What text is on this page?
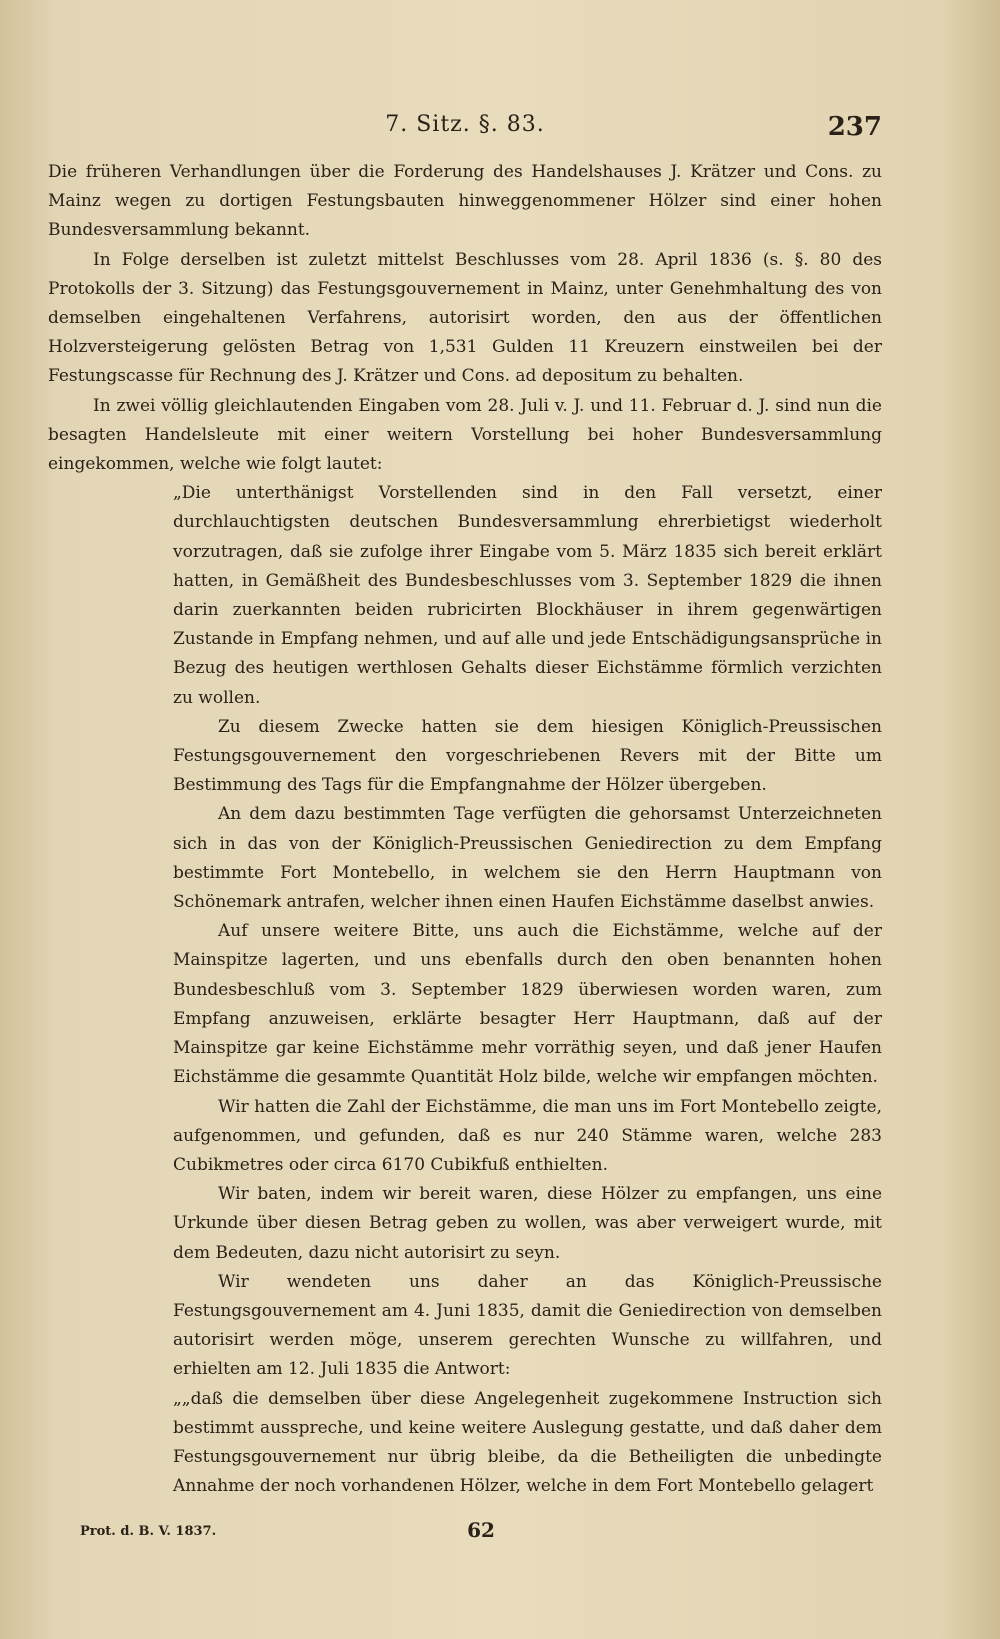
7. Sitz. §. 83.	237

Die früheren Verhandlungen über die Forderung des Handelshauses J. Krätzer und Cons. zu Mainz wegen zu dortigen Festungsbauten hinweggenommener Hölzer sind einer hohen Bundesversammlung bekannt.

In Folge derselben ist zuletzt mittelst Beschlusses vom 28. April 1836 (s. §. 80 des Protokolls der 3. Sitzung) das Festungsgouvernement in Mainz, unter Genehmhaltung des von demselben eingehaltenen Verfahrens, autorisirt worden, den aus der öffentlichen Holzversteigerung gelösten Betrag von 1,531 Gulden 11 Kreuzern einstweilen bei der Festungscasse für Rechnung des J. Krätzer und Cons. ad depositum zu behalten.

In zwei völlig gleichlautenden Eingaben vom 28. Juli v. J. und 11. Februar d. J. sind nun die besagten Handelsleute mit einer weitern Vorstellung bei hoher Bundesversammlung eingekommen, welche wie folgt lautet:

„Die unterthänigst Vorstellenden sind in den Fall versetzt, einer durchlauchtigsten deutschen Bundesversammlung ehrerbietigst wiederholt vorzutragen, daß sie zufolge ihrer Eingabe vom 5. März 1835 sich bereit erklärt hatten, in Gemäßheit des Bundesbeschlusses vom 3. September 1829 die ihnen darin zuerkannten beiden rubricirten Blockhäuser in ihrem gegenwärtigen Zustande in Empfang nehmen, und auf alle und jede Entschädigungsansprüche in Bezug des heutigen werthlosen Gehalts dieser Eichstämme förmlich verzichten zu wollen.

Zu diesem Zwecke hatten sie dem hiesigen Königlich-Preussischen Festungsgouvernement den vorgeschriebenen Revers mit der Bitte um Bestimmung des Tags für die Empfangnahme der Hölzer übergeben.

An dem dazu bestimmten Tage verfügten die gehorsamst Unterzeichneten sich in das von der Königlich-Preussischen Geniedirection zu dem Empfang bestimmte Fort Montebello, in welchem sie den Herrn Hauptmann von Schönemark antrafen, welcher ihnen einen Haufen Eichstämme daselbst anwies.

Auf unsere weitere Bitte, uns auch die Eichstämme, welche auf der Mainspitze lagerten, und uns ebenfalls durch den oben benannten hohen Bundesbeschluß vom 3. September 1829 überwiesen worden waren, zum Empfang anzuweisen, erklärte besagter Herr Hauptmann, daß auf der Mainspitze gar keine Eichstämme mehr vorräthig seyen, und daß jener Haufen Eichstämme die gesammte Quantität Holz bilde, welche wir empfangen möchten.

Wir hatten die Zahl der Eichstämme, die man uns im Fort Montebello zeigte, aufgenommen, und gefunden, daß es nur 240 Stämme waren, welche 283 Cubikmetres oder circa 6170 Cubikfuß enthielten.

Wir baten, indem wir bereit waren, diese Hölzer zu empfangen, uns eine Urkunde über diesen Betrag geben zu wollen, was aber verweigert wurde, mit dem Bedeuten, dazu nicht autorisirt zu seyn.

Wir wendeten uns daher an das Königlich-Preussische Festungsgouvernement am 4. Juni 1835, damit die Geniedirection von demselben autorisirt werden möge, unserem gerechten Wunsche zu willfahren, und erhielten am 12. Juli 1835 die Antwort:

„„daß die demselben über diese Angelegenheit zugekommene Instruction sich bestimmt ausspreche, und keine weitere Auslegung gestatte, und daß daher dem Festungsgouvernement nur übrig bleibe, da die Betheiligten die unbedingte Annahme der noch vorhandenen Hölzer, welche in dem Fort Montebello gelagert

Prot. d. B. V. 1837.	62
